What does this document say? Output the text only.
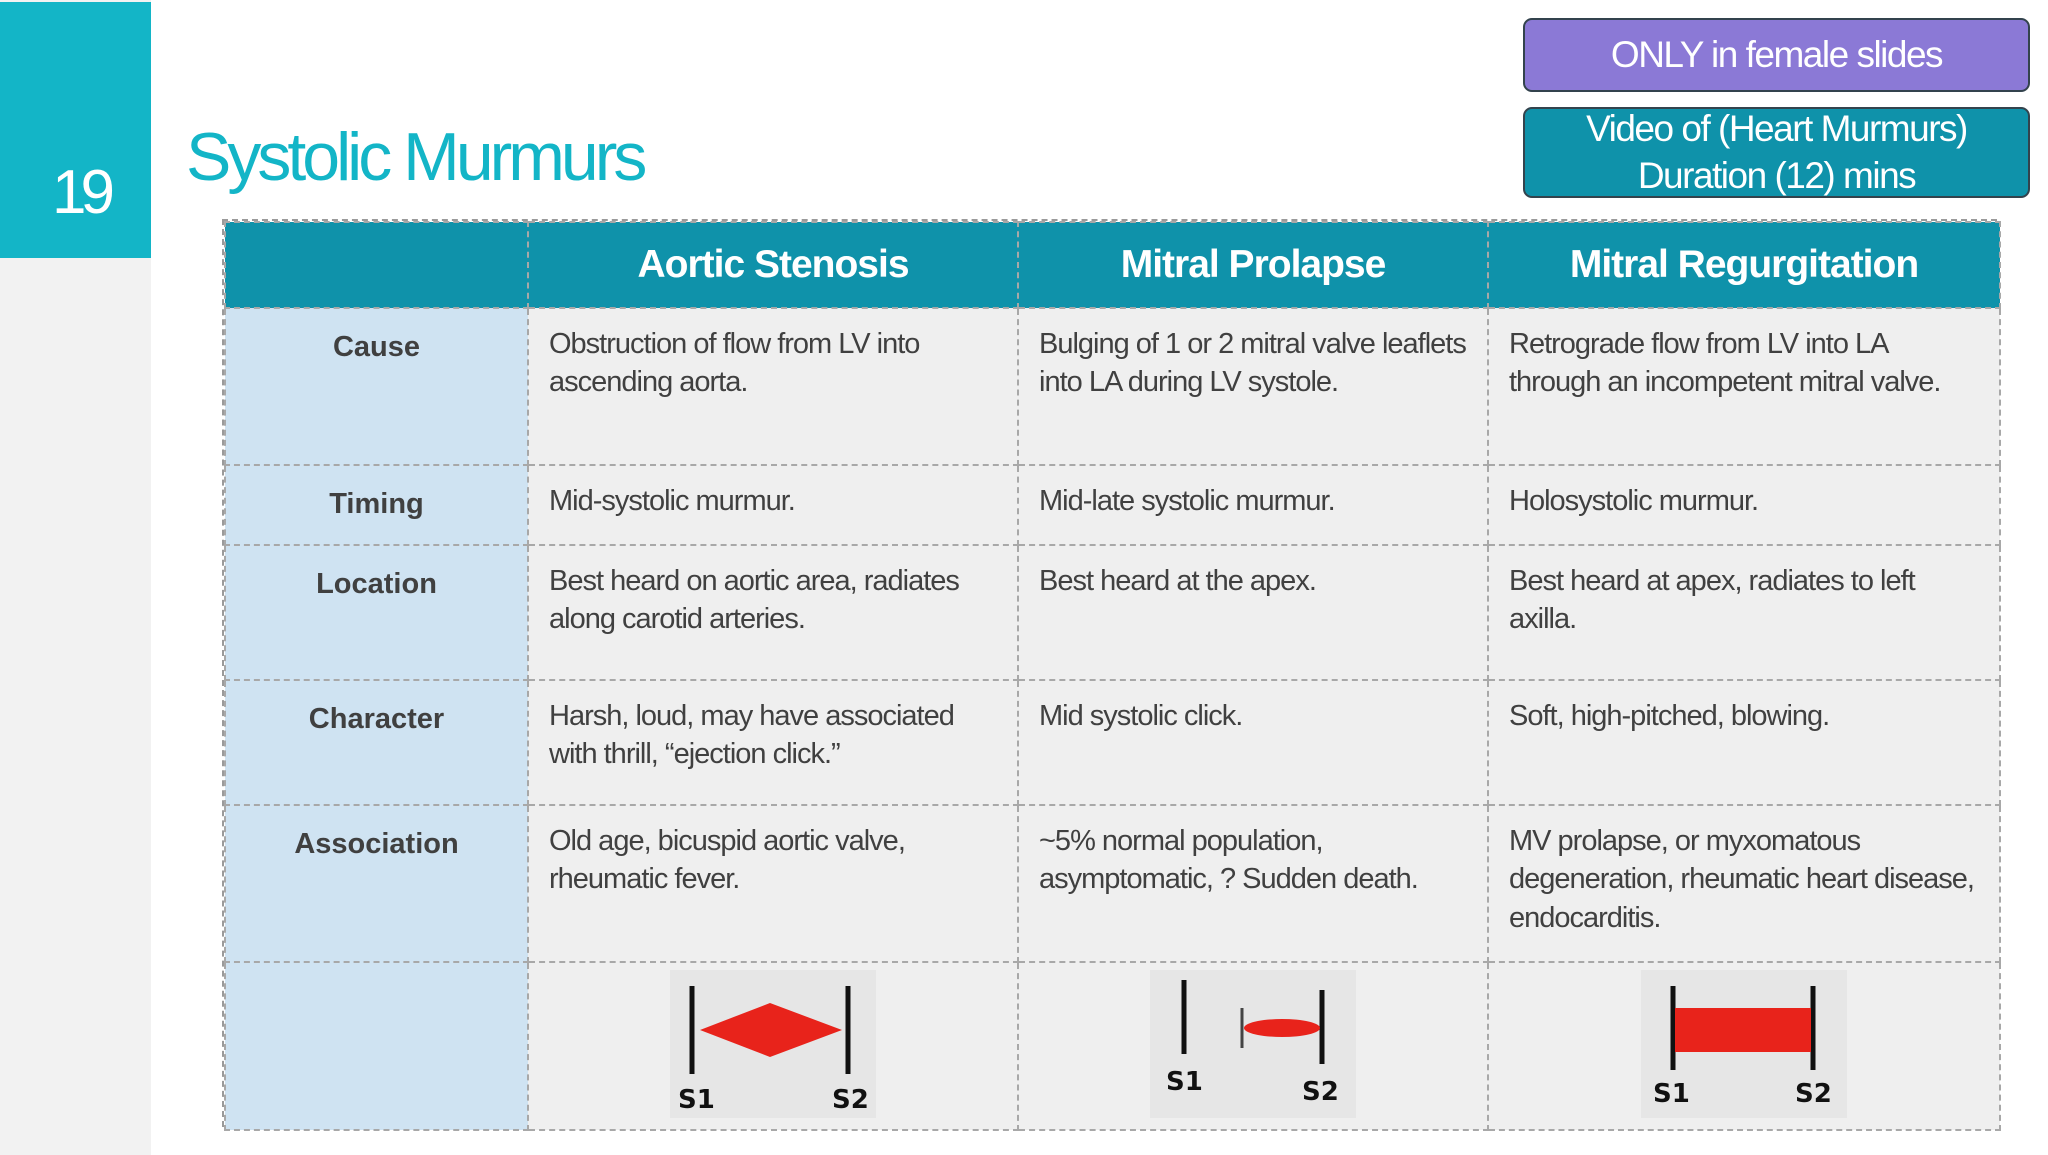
19 Systolic Murmurs
ONLY in female slides
Video of (Heart Murmurs)
Duration (12) mins
	Aortic Stenosis	Mitral Prolapse	Mitral Regurgitation
Cause	Obstruction of flow from LV into ascending aorta.	Bulging of 1 or 2 mitral valve leaflets into LA during LV systole.	Retrograde flow from LV into LA through an incompetent mitral valve.
Timing	Mid-systolic murmur.	Mid-late systolic murmur.	Holosystolic murmur.
Location	Best heard on aortic area, radiates along carotid arteries.	Best heard at the apex.	Best heard at apex, radiates to left axilla.
Character	Harsh, loud, may have associated with thrill, “ejection click.”	Mid systolic click.	Soft, high-pitched, blowing.
Association	Old age, bicuspid aortic valve, rheumatic fever.	~5% normal population, asymptomatic, ? Sudden death.	MV prolapse, or myxomatous degeneration, rheumatic heart disease, endocarditis.

S1 S2	S1 S2	S1 S2
